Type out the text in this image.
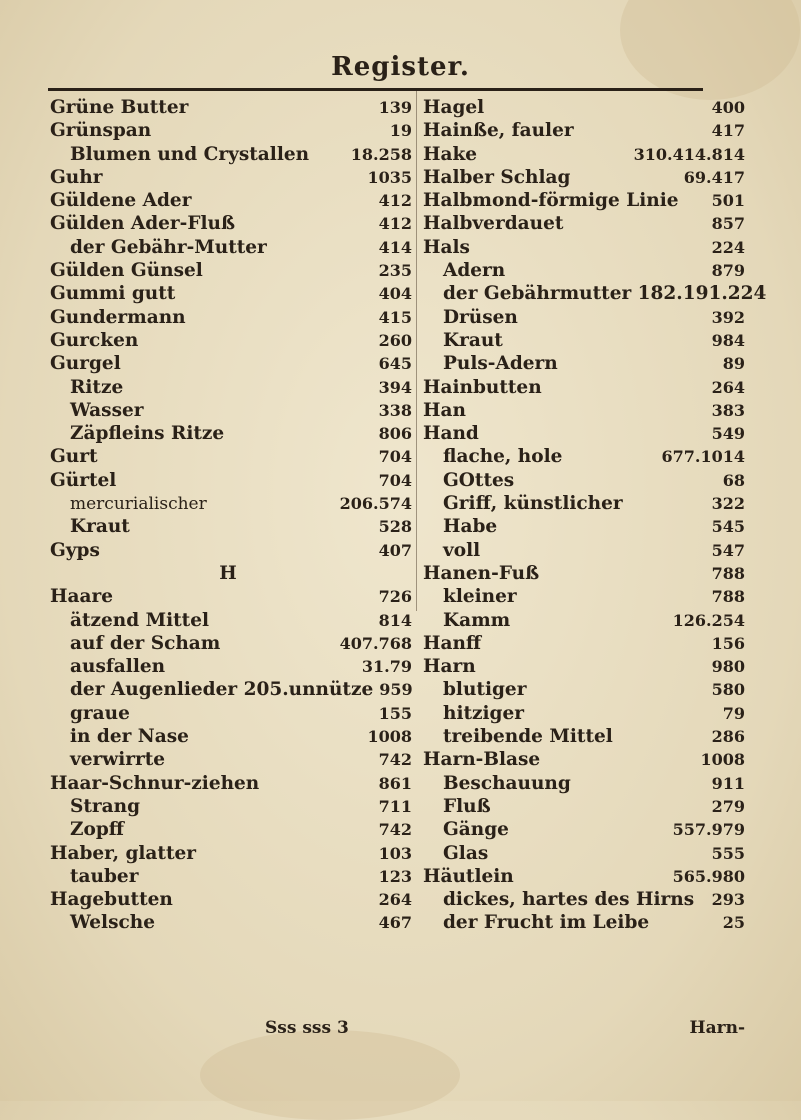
Register.
Grüne Butter	139
Grünspan	19
Blumen und Crystallen	18.258
Guhr	1035
Güldene Ader	412
Gülden Ader-Fluß	412
der Gebähr-Mutter	414
Gülden Günsel	235
Gummi gutt	404
Gundermann	415
Gurcken	260
Gurgel	645
Ritze	394
Wasser	338
Zäpfleins Ritze	806
Gurt	704
Gürtel	704
mercurialischer	206.574
Kraut	528
Gyps	407
H
Haare	726
ätzend Mittel	814
auf der Scham	407.768
ausfallen	31.79
der Augenlieder 205.unnütze 959
graue	155
in der Nase	1008
verwirrte	742
Haar-Schnur-ziehen	861
Strang	711
Zopff	742
Haber, glatter	103
tauber	123
Hagebutten	264
Welsche	467
Hagel	400
Hainße, fauler	417
Hake	310.414.814
Halber Schlag	69.417
Halbmond-förmige Linie	501
Halbverdauet	857
Hals	224
Adern	879
der Gebährmutter 182.191.224
Drüsen	392
Kraut	984
Puls-Adern	89
Hainbutten	264
Han	383
Hand	549
flache, hole	677.1014
GOttes	68
Griff, künstlicher	322
Habe	545
voll	547
Hanen-Fuß	788
kleiner	788
Kamm	126.254
Hanff	156
Harn	980
blutiger	580
hitziger	79
treibende Mittel	286
Harn-Blase	1008
Beschauung	911
Fluß	279
Gänge	557.979
Glas	555
Häutlein	565.980
dickes, hartes des Hirns	293
der Frucht im Leibe	25
Sss sss 3	Harn-
